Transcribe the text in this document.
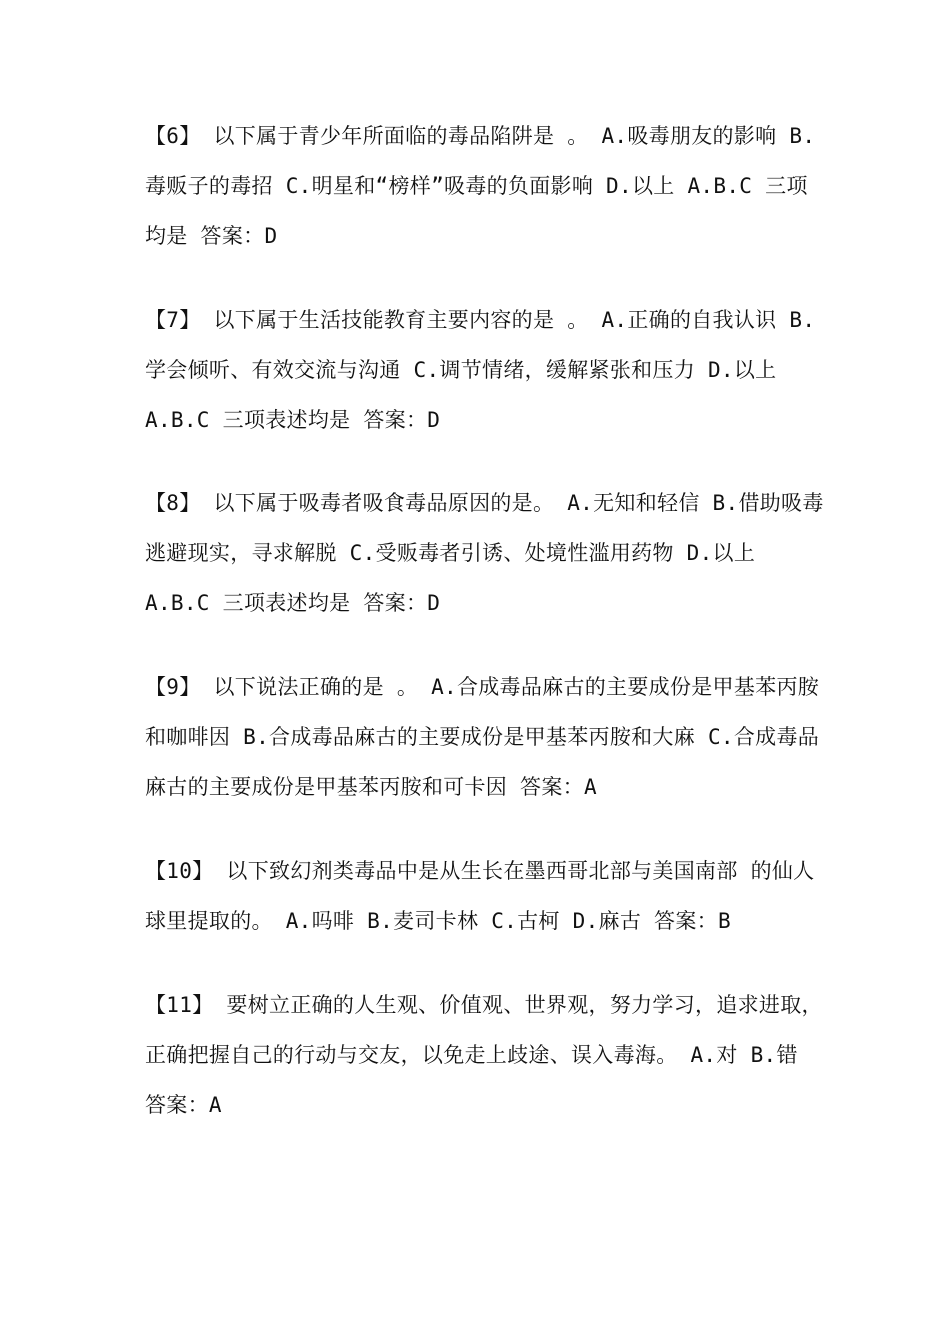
【6】 以下属于青少年所面临的毒品陷阱是 。 A.吸毒朋友的影响 B.毒贩子的毒招 C.明星和“榜样”吸毒的负面影响 D.以上 A.B.C 三项均是 答案：D

【7】 以下属于生活技能教育主要内容的是 。 A.正确的自我认识 B.学会倾听、有效交流与沟通 C.调节情绪，缓解紧张和压力 D.以上 A.B.C 三项表述均是 答案：D

【8】 以下属于吸毒者吸食毒品原因的是。 A.无知和轻信 B.借助吸毒逃避现实，寻求解脱 C.受贩毒者引诱、处境性滥用药物 D.以上 A.B.C 三项表述均是 答案：D

【9】 以下说法正确的是 。 A.合成毒品麻古的主要成份是甲基苯丙胺和咖啡因 B.合成毒品麻古的主要成份是甲基苯丙胺和大麻 C.合成毒品麻古的主要成份是甲基苯丙胺和可卡因 答案：A

【10】 以下致幻剂类毒品中是从生长在墨西哥北部与美国南部 的仙人球里提取的。 A.吗啡 B.麦司卡林 C.古柯 D.麻古 答案：B

【11】 要树立正确的人生观、价值观、世界观，努力学习，追求进取， 正确把握自己的行动与交友，以免走上歧途、误入毒海。 A.对 B.错 答案：A
